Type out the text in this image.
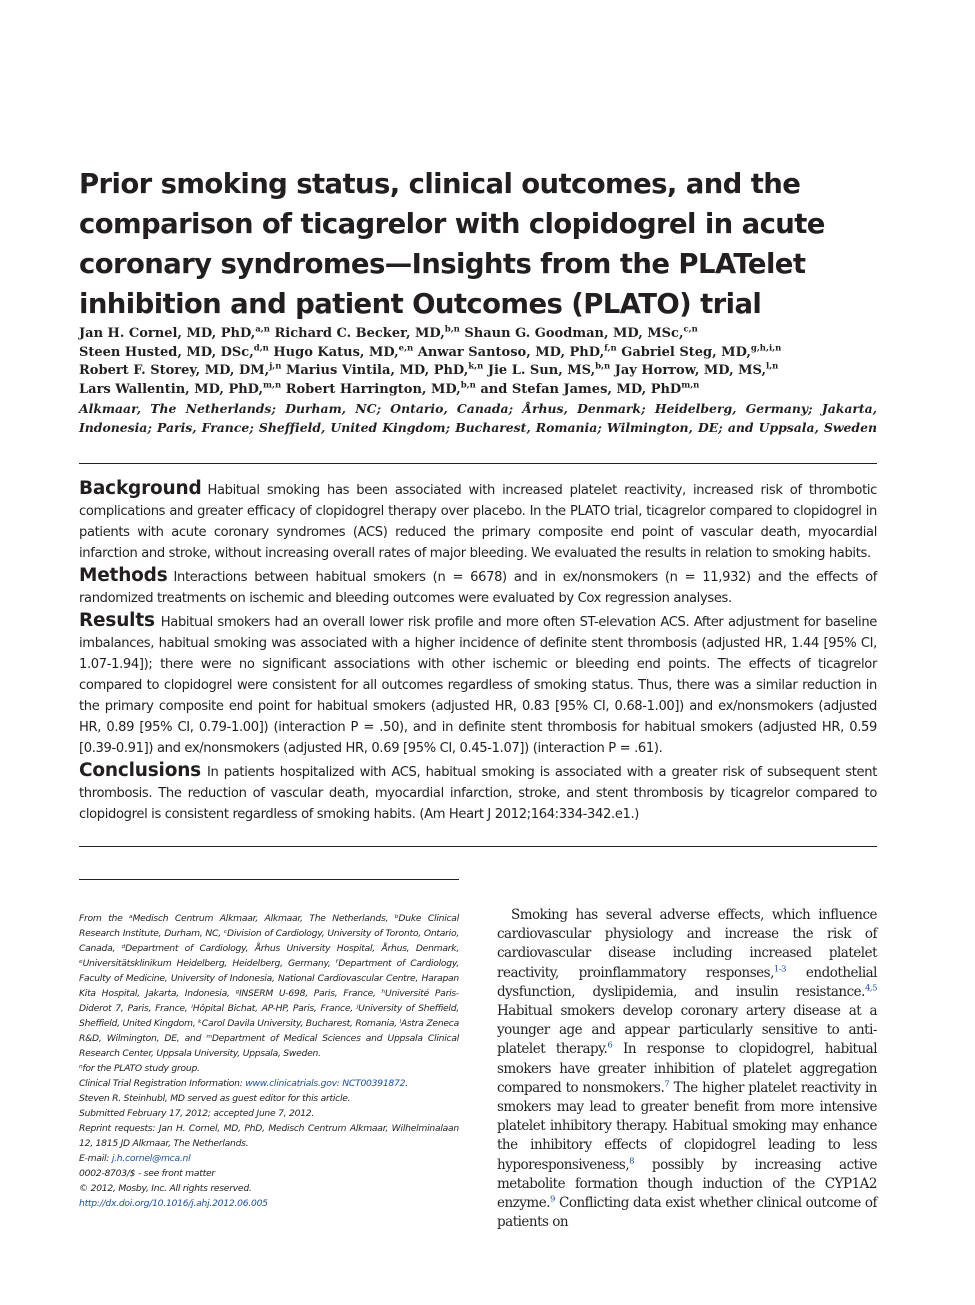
Prior smoking status, clinical outcomes, and the comparison of ticagrelor with clopidogrel in acute coronary syndromes—Insights from the PLATelet inhibition and patient Outcomes (PLATO) trial
Jan H. Cornel, MD, PhD,$^{a,n}$ Richard C. Becker, MD,$^{b,n}$ Shaun G. Goodman, MD, MSc,$^{c,n}$
Steen Husted, MD, DSc,$^{d,n}$ Hugo Katus, MD,$^{e,n}$ Anwar Santoso, MD, PhD,$^{f,n}$ Gabriel Steg, MD,$^{g,h,i,n}$
Robert F. Storey, MD, DM,$^{j,n}$ Marius Vintila, MD, PhD,$^{k,n}$ Jie L. Sun, MS,$^{b,n}$ Jay Horrow, MD, MS,$^{l,n}$
Lars Wallentin, MD, PhD,$^{m,n}$ Robert Harrington, MD,$^{b,n}$ and Stefan James, MD, PhD$^{m,n}$
Alkmaar, The Netherlands; Durham, NC; Ontario, Canada; Århus, Denmark; Heidelberg, Germany; Jakarta,
Indonesia; Paris, France; Sheffield, United Kingdom; Bucharest, Romania; Wilmington, DE; and Uppsala, Sweden

Background Habitual smoking has been associated with increased platelet reactivity, increased risk of thrombotic complications and greater efficacy of clopidogrel therapy over placebo. In the PLATO trial, ticagrelor compared to clopidogrel in patients with acute coronary syndromes (ACS) reduced the primary composite end point of vascular death, myocardial infarction and stroke, without increasing overall rates of major bleeding. We evaluated the results in relation to smoking habits.

Methods Interactions between habitual smokers (n = 6678) and in ex/nonsmokers (n = 11,932) and the effects of randomized treatments on ischemic and bleeding outcomes were evaluated by Cox regression analyses.

Results Habitual smokers had an overall lower risk profile and more often ST-elevation ACS. After adjustment for baseline imbalances, habitual smoking was associated with a higher incidence of definite stent thrombosis (adjusted HR, 1.44 [95% CI, 1.07-1.94]); there were no significant associations with other ischemic or bleeding end points. The effects of ticagrelor compared to clopidogrel were consistent for all outcomes regardless of smoking status. Thus, there was a similar reduction in the primary composite end point for habitual smokers (adjusted HR, 0.83 [95% CI, 0.68-1.00]) and ex/nonsmokers (adjusted HR, 0.89 [95% CI, 0.79-1.00]) (interaction P = .50), and in definite stent thrombosis for habitual smokers (adjusted HR, 0.59 [0.39-0.91]) and ex/nonsmokers (adjusted HR, 0.69 [95% CI, 0.45-1.07]) (interaction P = .61).

Conclusions In patients hospitalized with ACS, habitual smoking is associated with a greater risk of subsequent stent thrombosis. The reduction of vascular death, myocardial infarction, stroke, and stent thrombosis by ticagrelor compared to clopidogrel is consistent regardless of smoking habits. (Am Heart J 2012;164:334-342.e1.)

From the ᵃMedisch Centrum Alkmaar, Alkmaar, The Netherlands, ᵇDuke Clinical Research Institute, Durham, NC, ᶜDivision of Cardiology, University of Toronto, Ontario, Canada, ᵈDepartment of Cardiology, Århus University Hospital, Århus, Denmark, ᵉUniversitätsklinikum Heidelberg, Heidelberg, Germany, ᶠDepartment of Cardiology, Faculty of Medicine, University of Indonesia, National Cardiovascular Centre, Harapan Kita Hospital, Jakarta, Indonesia, ᵍINSERM U-698, Paris, France, ʰUniversité Paris-Diderot 7, Paris, France, ⁱHôpital Bichat, AP-HP, Paris, France, ʲUniversity of Sheffield, Sheffield, United Kingdom, ᵏCarol Davila University, Bucharest, Romania, ˡAstra Zeneca R&D, Wilmington, DE, and ᵐDepartment of Medical Sciences and Uppsala Clinical Research Center, Uppsala University, Uppsala, Sweden.
ⁿfor the PLATO study group.
Clinical Trial Registration Information: www.clinicatrials.gov: NCT00391872.
Steven R. Steinhubl, MD served as guest editor for this article.
Submitted February 17, 2012; accepted June 7, 2012.
Reprint requests: Jan H. Cornel, MD, PhD, Medisch Centrum Alkmaar, Wilhelminalaan 12, 1815 JD Alkmaar, The Netherlands.
E-mail: j.h.cornel@mca.nl
0002-8703/$ - see front matter
© 2012, Mosby, Inc. All rights reserved.
http://dx.doi.org/10.1016/j.ahj.2012.06.005

Smoking has several adverse effects, which influence cardiovascular physiology and increase the risk of cardiovascular disease including increased platelet reactivity, proinflammatory responses,$^{1-3}$ endothelial dysfunction, dyslipidemia, and insulin resistance.$^{4,5}$ Habitual smokers develop coronary artery disease at a younger age and appear particularly sensitive to anti-platelet therapy.$^6$ In response to clopidogrel, habitual smokers have greater inhibition of platelet aggregation compared to nonsmokers.$^7$ The higher platelet reactivity in smokers may lead to greater benefit from more intensive platelet inhibitory therapy. Habitual smoking may enhance the inhibitory effects of clopidogrel leading to less hyporesponsiveness,$^8$ possibly by increasing active metabolite formation though induction of the CYP1A2 enzyme.$^9$ Conflicting data exist whether clinical outcome of patients on
